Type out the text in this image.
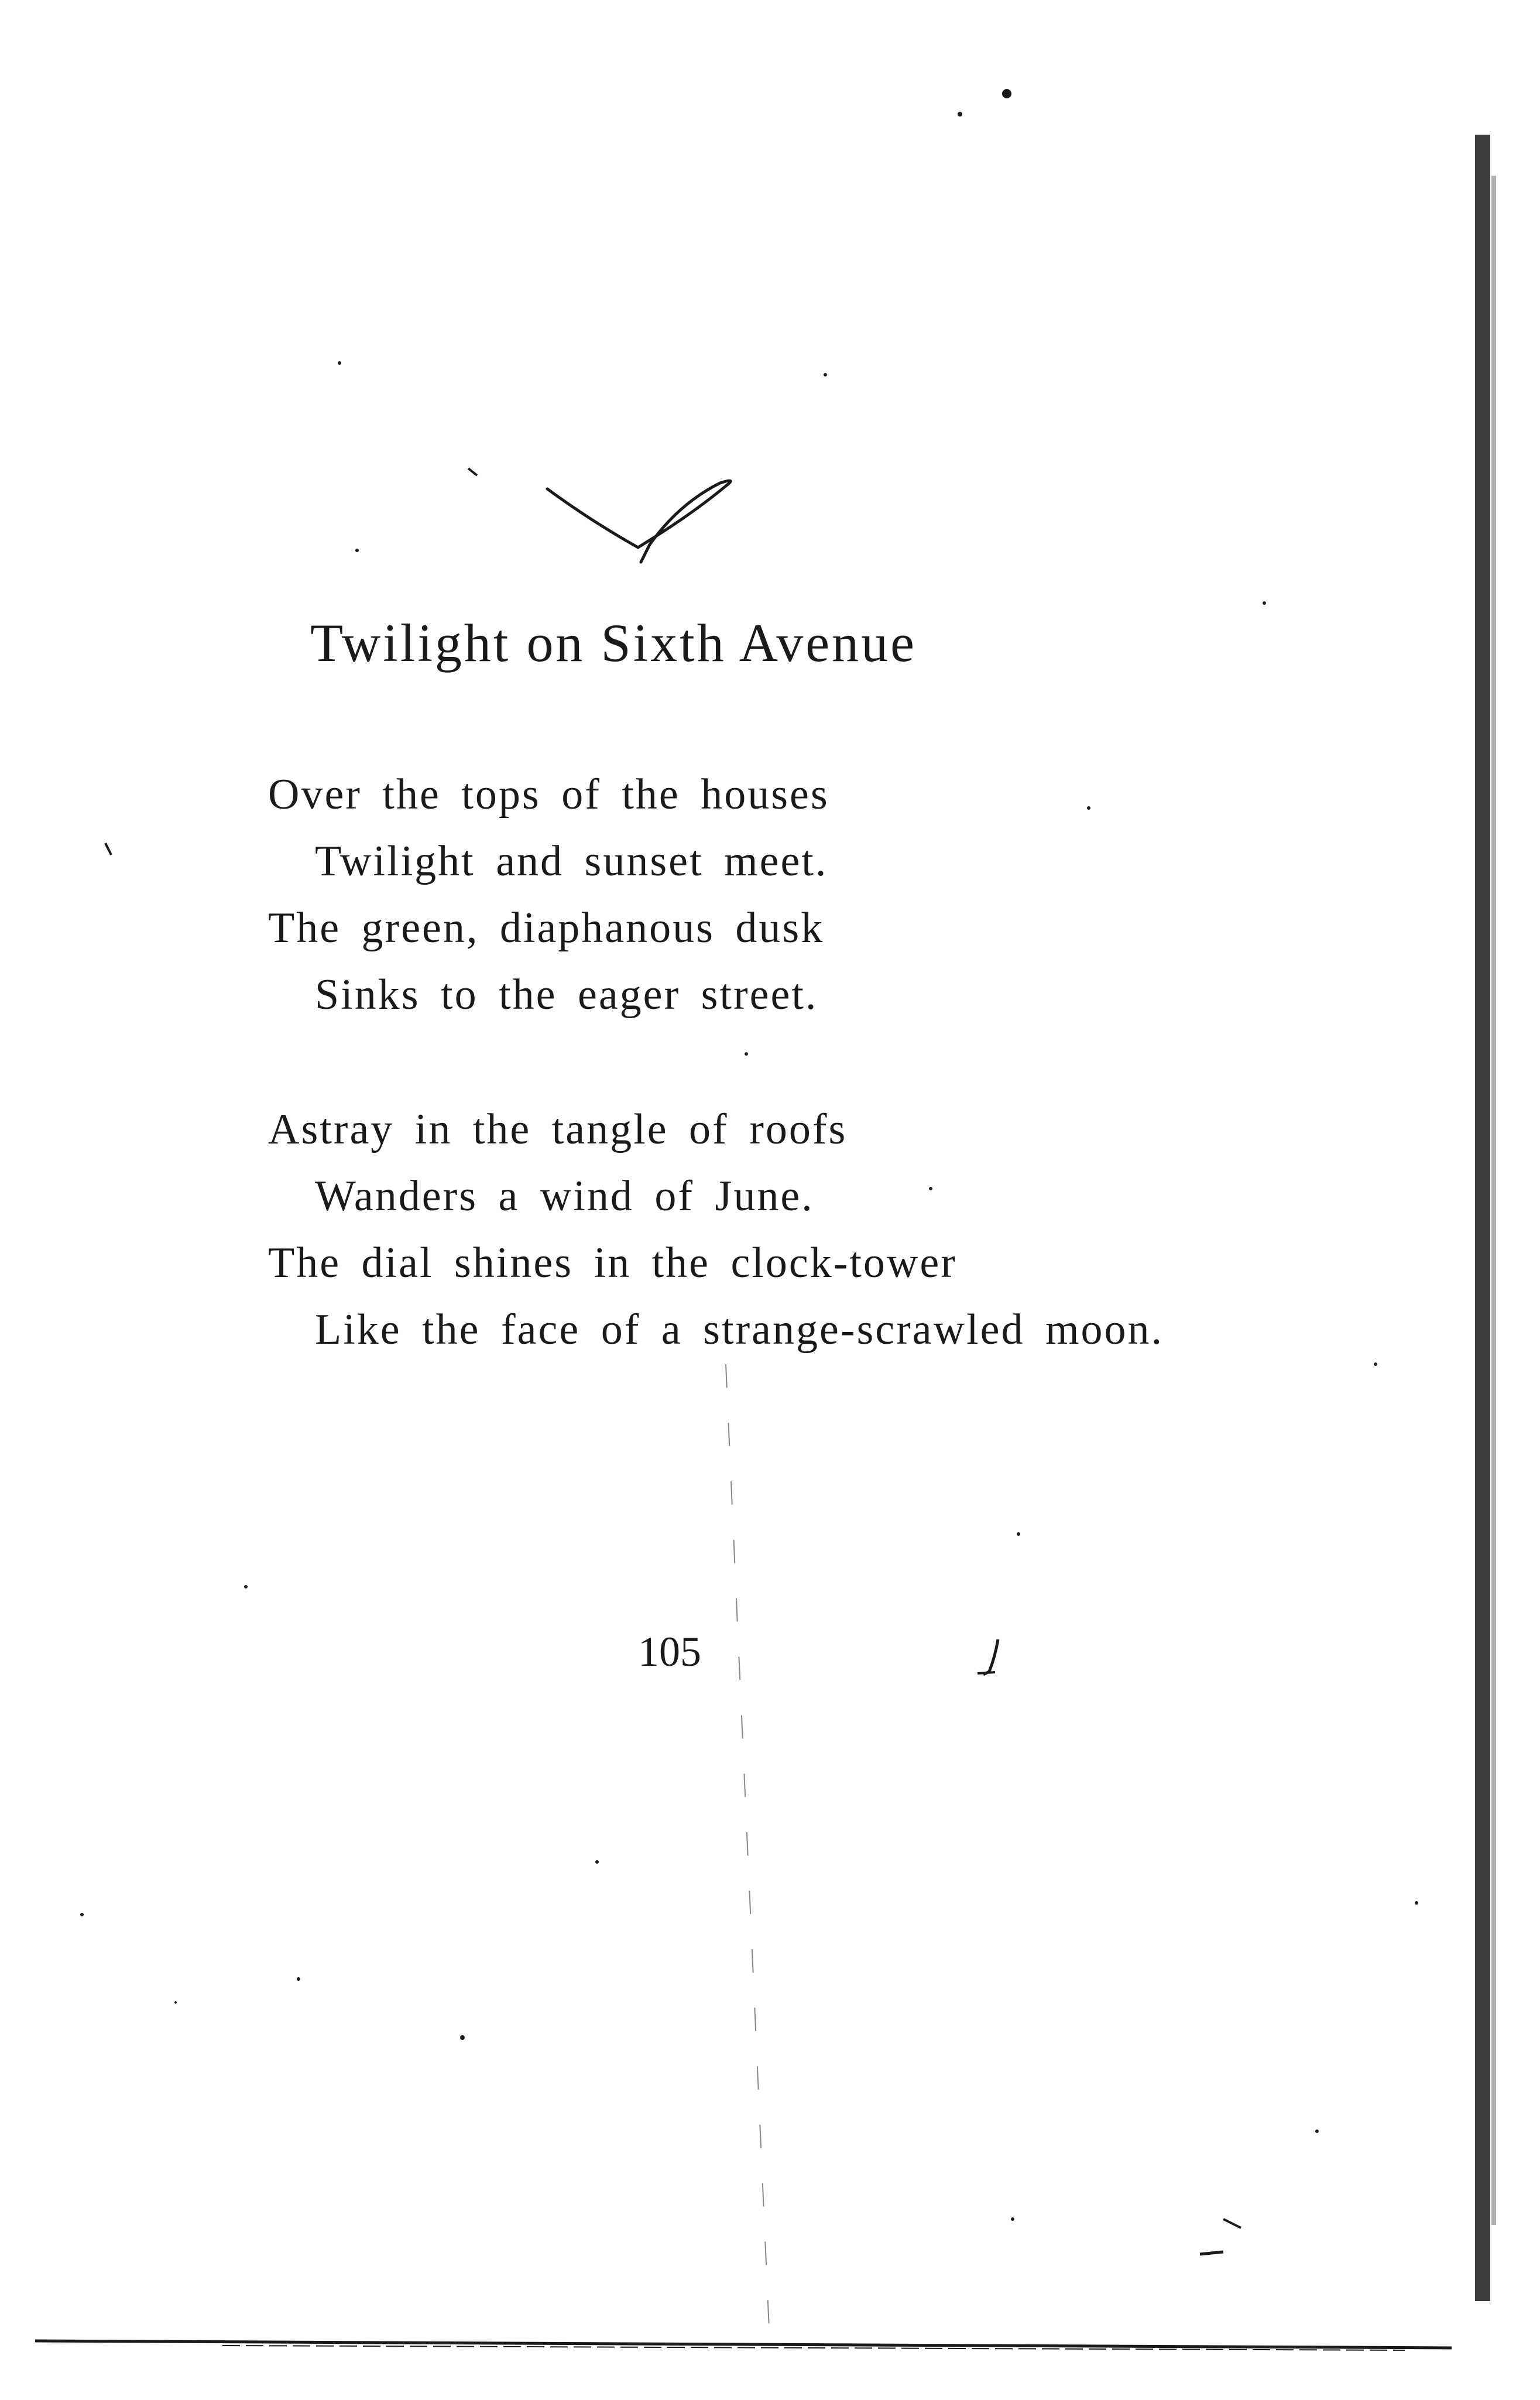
Twilight on Sixth Avenue
Over the tops of the houses
Twilight and sunset meet.
The green, diaphanous dusk
Sinks to the eager street.
Astray in the tangle of roofs
Wanders a wind of June.
The dial shines in the clock-tower
Like the face of a strange-scrawled moon.

105
